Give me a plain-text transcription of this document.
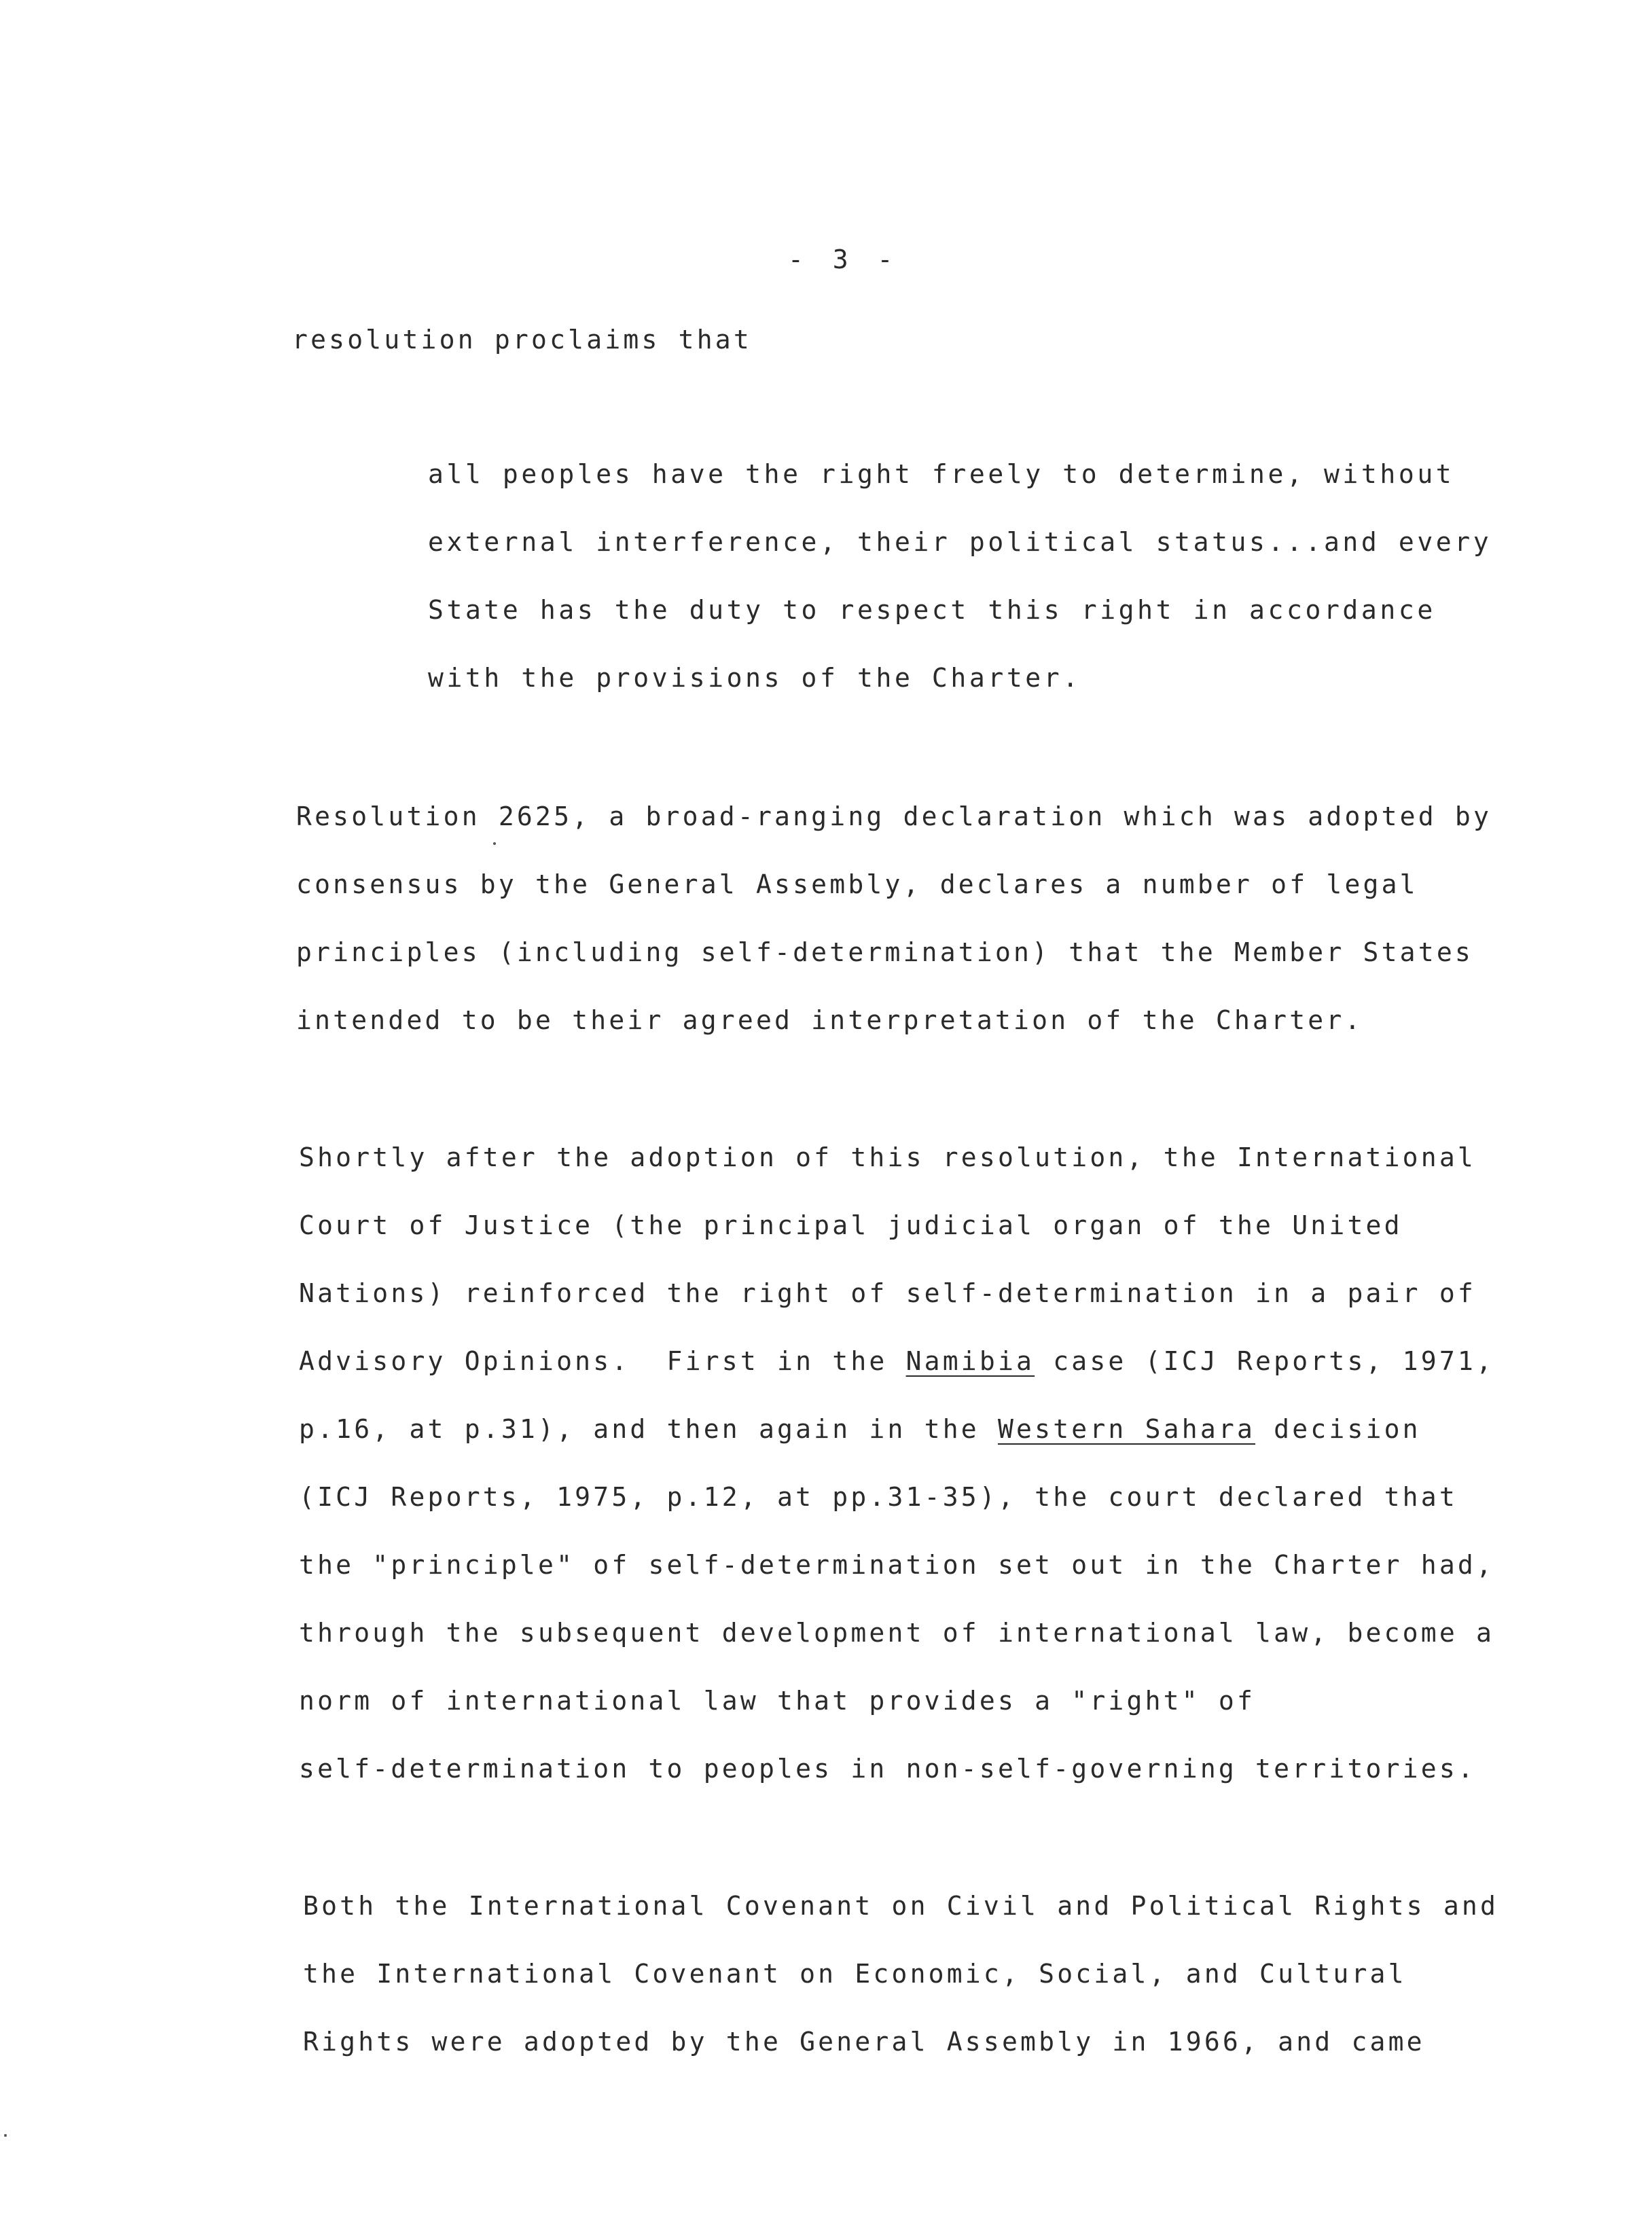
- 3 -
resolution proclaims that
all peoples have the right freely to determine, without
external interference, their political status...and every
State has the duty to respect this right in accordance
with the provisions of the Charter.
Resolution 2625, a broad-ranging declaration which was adopted by
consensus by the General Assembly, declares a number of legal
principles (including self-determination) that the Member States
intended to be their agreed interpretation of the Charter.
Shortly after the adoption of this resolution, the International
Court of Justice (the principal judicial organ of the United
Nations) reinforced the right of self-determination in a pair of
Advisory Opinions.  First in the Namibia case (ICJ Reports, 1971,
p.16, at p.31), and then again in the Western Sahara decision
(ICJ Reports, 1975, p.12, at pp.31-35), the court declared that
the "principle" of self-determination set out in the Charter had,
through the subsequent development of international law, become a
norm of international law that provides a "right" of
self-determination to peoples in non-self-governing territories.
Both the International Covenant on Civil and Political Rights and
the International Covenant on Economic, Social, and Cultural
Rights were adopted by the General Assembly in 1966, and came
